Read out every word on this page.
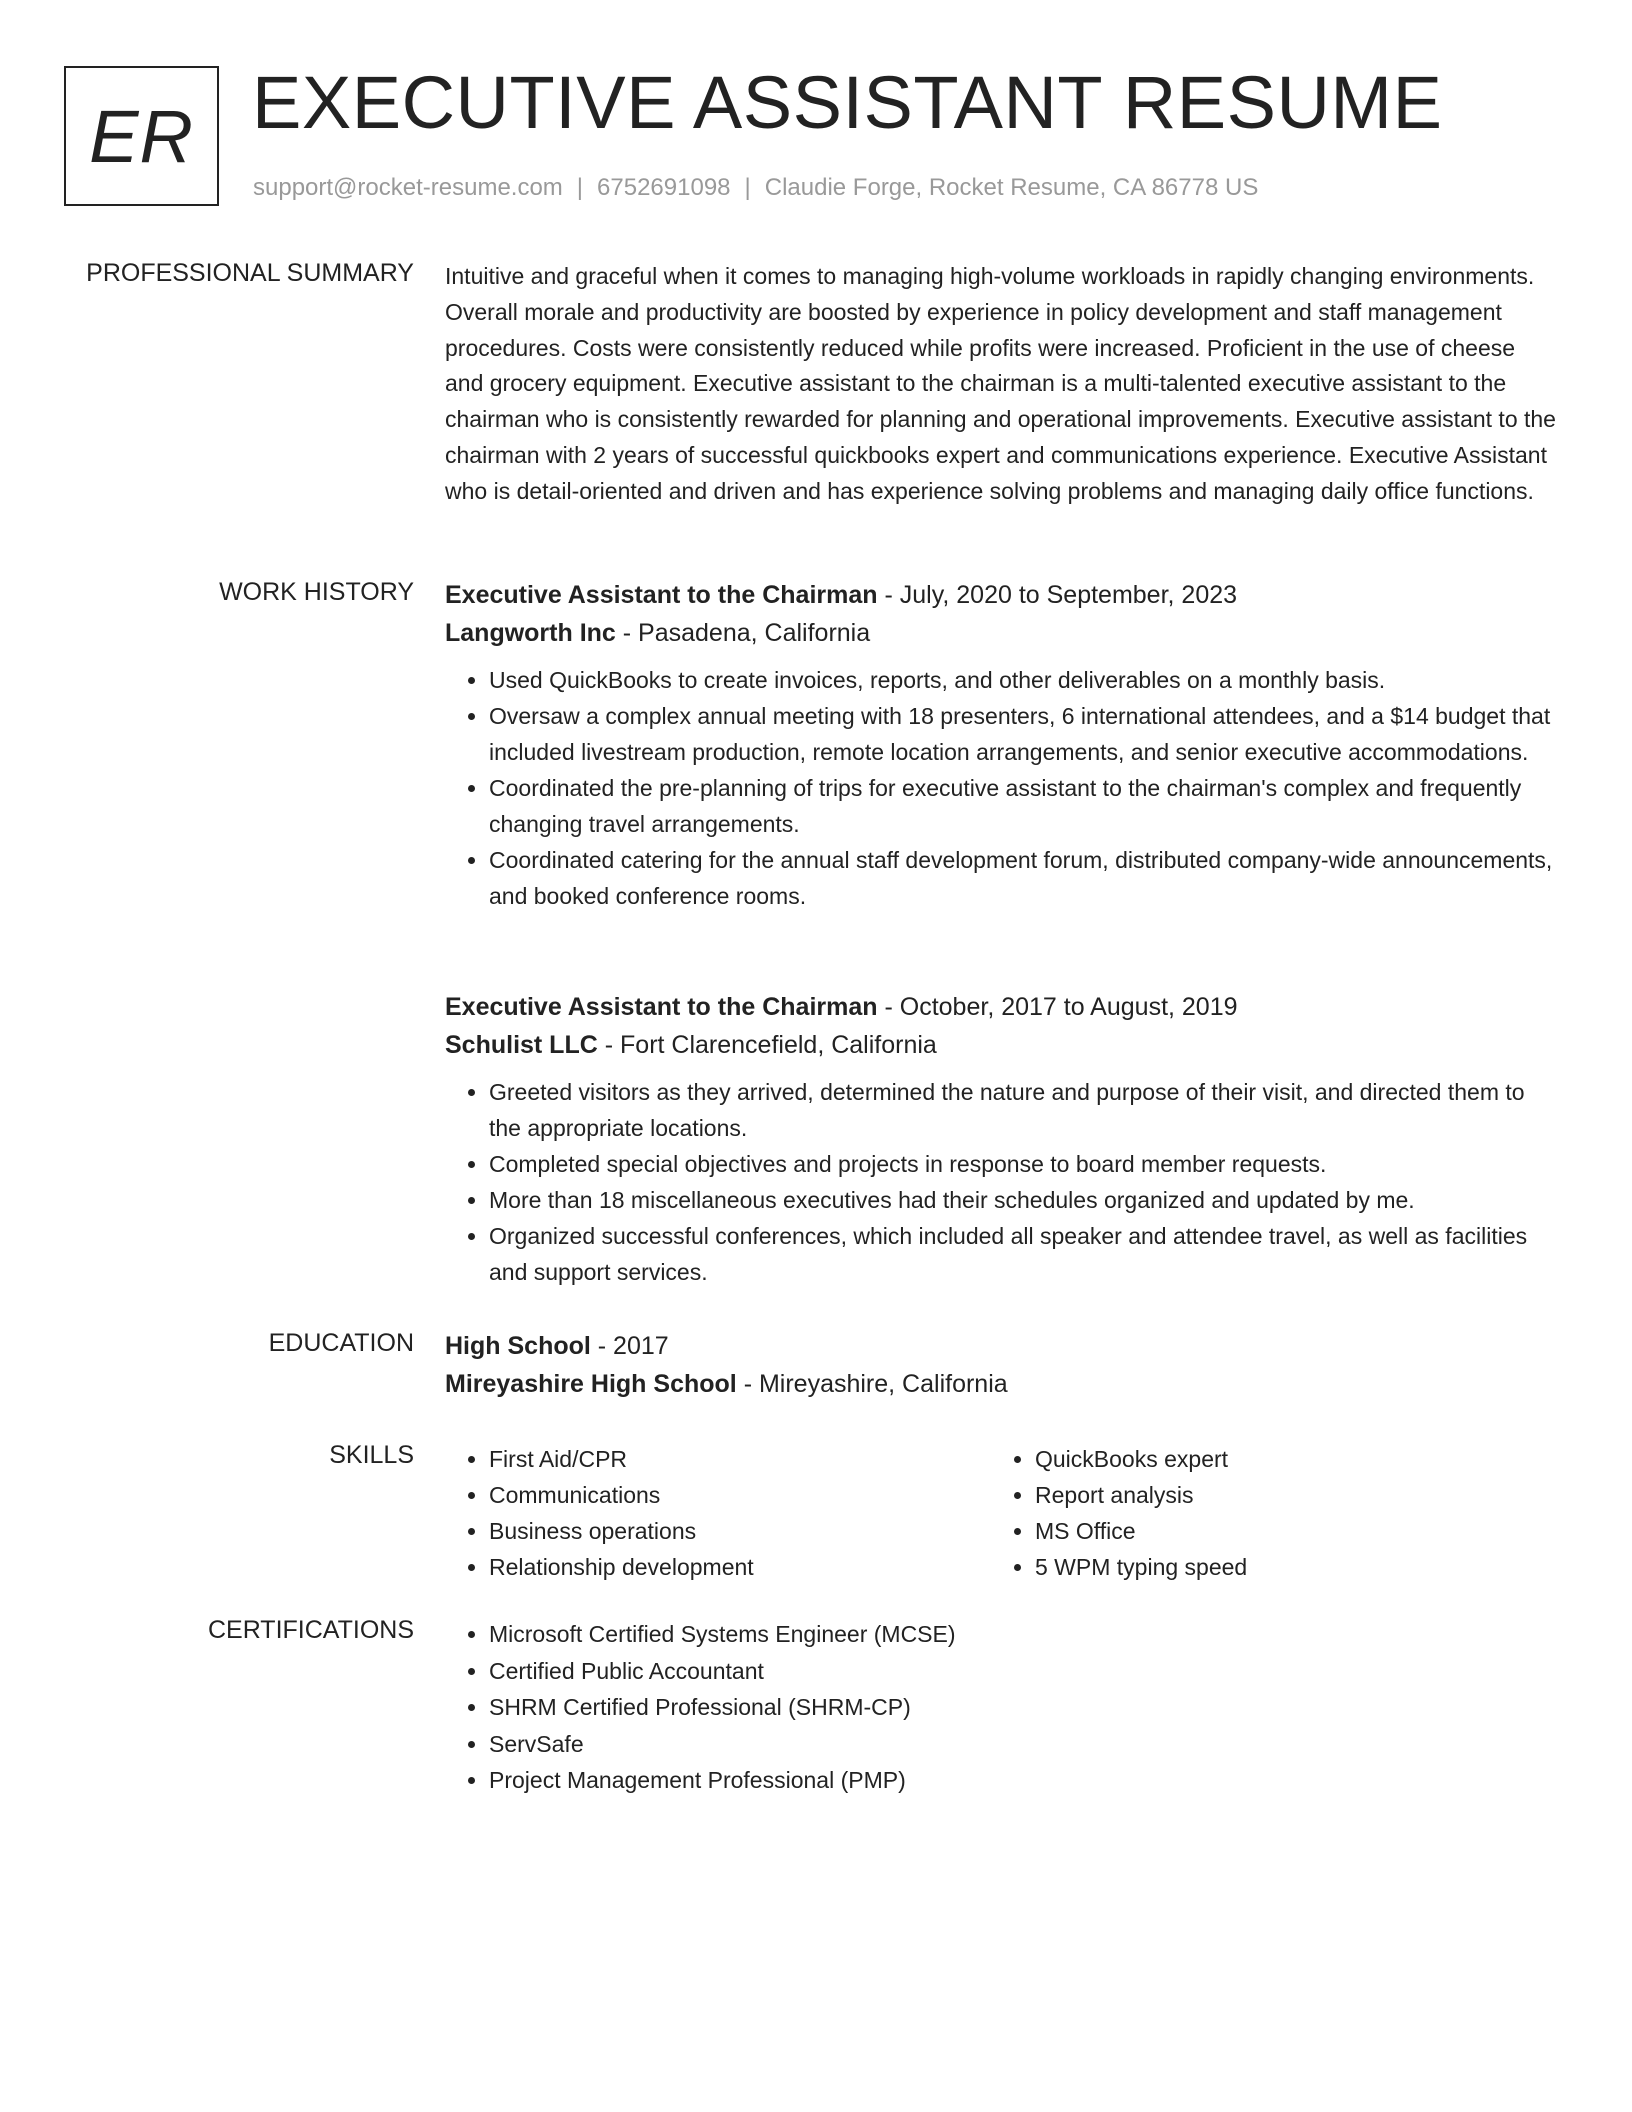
ER EXECUTIVE ASSISTANT RESUME
support@rocket-resume.com | 6752691098 | Claudie Forge, Rocket Resume, CA 86778 US
PROFESSIONAL SUMMARY Intuitive and graceful when it comes to managing high-volume workloads in rapidly changing environments. Overall morale and productivity are boosted by experience in policy development and staff management procedures. Costs were consistently reduced while profits were increased. Proficient in the use of cheese and grocery equipment. Executive assistant to the chairman is a multi-talented executive assistant to the chairman who is consistently rewarded for planning and operational improvements. Executive assistant to the chairman with 2 years of successful quickbooks expert and communications experience. Executive Assistant who is detail-oriented and driven and has experience solving problems and managing daily office functions.

WORK HISTORY Executive Assistant to the Chairman - July, 2020 to September, 2023
Langworth Inc - Pasadena, California
• Used QuickBooks to create invoices, reports, and other deliverables on a monthly basis.
• Oversaw a complex annual meeting with 18 presenters, 6 international attendees, and a $14 budget that included livestream production, remote location arrangements, and senior executive accommodations.
• Coordinated the pre-planning of trips for executive assistant to the chairman's complex and frequently changing travel arrangements.
• Coordinated catering for the annual staff development forum, distributed company-wide announcements, and booked conference rooms.
Executive Assistant to the Chairman - October, 2017 to August, 2019
Schulist LLC - Fort Clarencefield, California
• Greeted visitors as they arrived, determined the nature and purpose of their visit, and directed them to the appropriate locations.
• Completed special objectives and projects in response to board member requests.
• More than 18 miscellaneous executives had their schedules organized and updated by me.
• Organized successful conferences, which included all speaker and attendee travel, as well as facilities and support services.
EDUCATION High School - 2017
Mireyashire High School - Mireyashire, California
SKILLS	• First Aid/CPR
• Communications
• Business operations
• Relationship development
• QuickBooks expert
• Report analysis
• MS Office
• 5 WPM typing speed
CERTIFICATIONS	• Microsoft Certified Systems Engineer (MCSE)
• Certified Public Accountant
• SHRM Certified Professional (SHRM-CP)
• ServSafe
• Project Management Professional (PMP)
